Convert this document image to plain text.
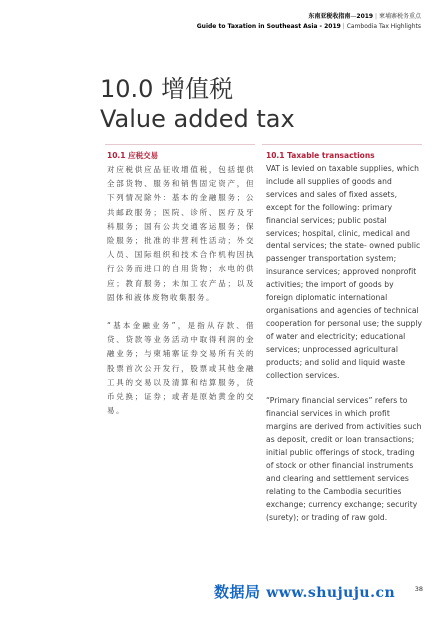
东南亚税收指南—2019 | 柬埔寨税务重点
Guide to Taxation in Southeast Asia - 2019 | Cambodia Tax Highlights
10.0 增值税
Value added tax
10.1 应税交易

对应税供应品征收增值税，包括提供全部货物、服务和销售固定资产，但下列情况除外：基本的金融服务；公共邮政服务；医院、诊所、医疗及牙科服务；国有公共交通客运服务；保险服务；批准的非营利性活动；外交人员、国际组织和技术合作机构因执行公务而进口的自用货物；水电的供应；教育服务；未加工农产品；以及固体和液体废物收集服务。

“基本金融业务”，是指从存款、借贷、贷款等业务活动中取得利润的金融业务；与柬埔寨证券交易所有关的股票首次公开发行，股票或其他金融工具的交易以及清算和结算服务，货币兑换；证券；或者是原始黄金的交易。

10.1 Taxable transactions

VAT is levied on taxable supplies, which include all supplies of goods and services and sales of fixed assets, except for the following: primary financial services; public postal services; hospital, clinic, medical and dental services; the state- owned public passenger transportation system; insurance services; approved nonprofit activities; the import of goods by foreign diplomatic international organisations and agencies of technical cooperation for personal use; the supply of water and electricity; educational services; unprocessed agricultural products; and solid and liquid waste collection services.

“Primary financial services” refers to financial services in which profit margins are derived from activities such as deposit, credit or loan transactions; initial public offerings of stock, trading of stock or other financial instruments and clearing and settlement services relating to the Cambodia securities exchange; currency exchange; security (surety); or trading of raw gold.

数据局 www.shujuju.cn	38
